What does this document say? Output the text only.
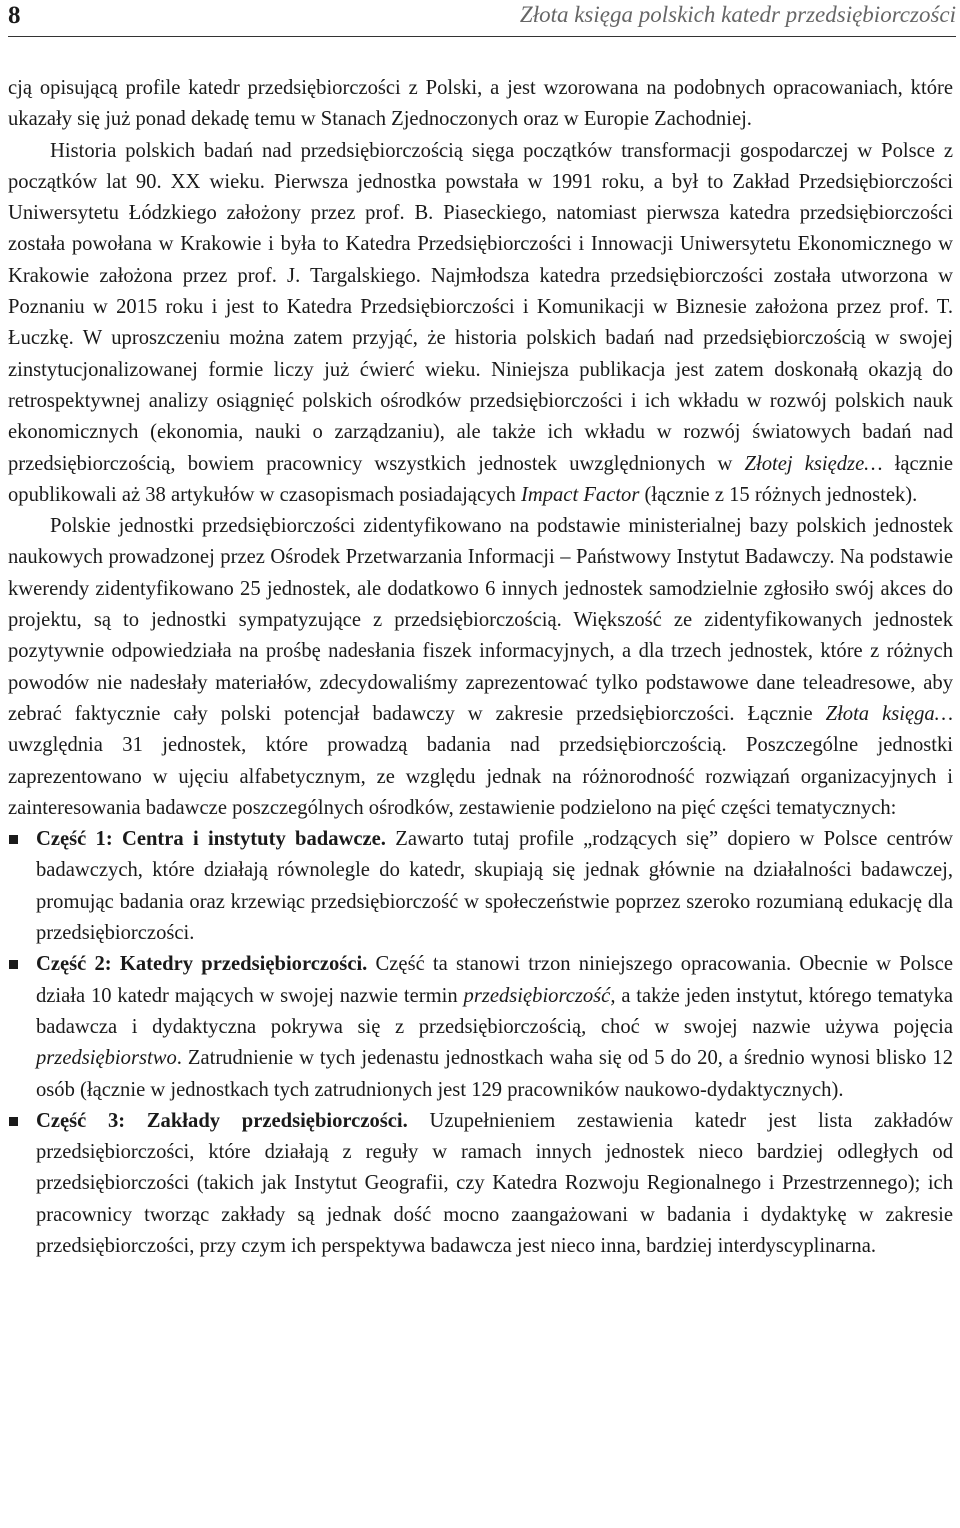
8	Złota księga polskich katedr przedsiębiorczości

cją opisującą profile katedr przedsiębiorczości z Polski, a jest wzorowana na podobnych opracowaniach, które ukazały się już ponad dekadę temu w Stanach Zjednoczonych oraz w Europie Zachodniej.

Historia polskich badań nad przedsiębiorczością sięga początków transformacji gospodarczej w Polsce z początków lat 90. XX wieku. Pierwsza jednostka powstała w 1991 roku, a był to Zakład Przedsiębiorczości Uniwersytetu Łódzkiego założony przez prof. B. Piaseckiego, natomiast pierwsza katedra przedsiębiorczości została powołana w Krakowie i była to Katedra Przedsiębiorczości i Innowacji Uniwersytetu Ekonomicznego w Krakowie założona przez prof. J. Targalskiego. Najmłodsza katedra przedsiębiorczości została utworzona w Poznaniu w 2015 roku i jest to Katedra Przedsiębiorczości i Komunikacji w Biznesie założona przez prof. T. Łuczkę. W uproszczeniu można zatem przyjąć, że historia polskich badań nad przedsiębiorczością w swojej zinstytucjonalizowanej formie liczy już ćwierć wieku. Niniejsza publikacja jest zatem doskonałą okazją do retrospektywnej analizy osiągnięć polskich ośrodków przedsiębiorczości i ich wkładu w rozwój polskich nauk ekonomicznych (ekonomia, nauki o zarządzaniu), ale także ich wkładu w rozwój światowych badań nad przedsiębiorczością, bowiem pracownicy wszystkich jednostek uwzględnionych w Złotej księdze… łącznie opublikowali aż 38 artykułów w czasopismach posiadających Impact Factor (łącznie z 15 różnych jednostek).

Polskie jednostki przedsiębiorczości zidentyfikowano na podstawie ministerialnej bazy polskich jednostek naukowych prowadzonej przez Ośrodek Przetwarzania Informacji – Państwowy Instytut Badawczy. Na podstawie kwerendy zidentyfikowano 25 jednostek, ale dodatkowo 6 innych jednostek samodzielnie zgłosiło swój akces do projektu, są to jednostki sympatyzujące z przedsiębiorczością. Większość ze zidentyfikowanych jednostek pozytywnie odpowiedziała na prośbę nadesłania fiszek informacyjnych, a dla trzech jednostek, które z różnych powodów nie nadesłały materiałów, zdecydowaliśmy zaprezentować tylko podstawowe dane teleadresowe, aby zebrać faktycznie cały polski potencjał badawczy w zakresie przedsiębiorczości. Łącznie Złota księga…uwzględnia 31 jednostek, które prowadzą badania nad przedsiębiorczością. Poszczególne jednostki zaprezentowano w ujęciu alfabetycznym, ze względu jednak na różnorodność rozwiązań organizacyjnych i zainteresowania badawcze poszczególnych ośrodków, zestawienie podzielono na pięć części tematycznych:

Część 1: Centra i instytuty badawcze. Zawarto tutaj profile „rodzących się” dopiero w Polsce centrów badawczych, które działają równolegle do katedr, skupiają się jednak głównie na działalności badawczej, promując badania oraz krzewiąc przedsiębiorczość w społeczeństwie poprzez szeroko rozumianą edukację dla przedsiębiorczości.
Część 2: Katedry przedsiębiorczości. Część ta stanowi trzon niniejszego opracowania. Obecnie w Polsce działa 10 katedr mających w swojej nazwie termin przedsiębiorczość, a także jeden instytut, którego tematyka badawcza i dydaktyczna pokrywa się z przedsiębiorczością, choć w swojej nazwie używa pojęcia przedsiębiorstwo. Zatrudnienie w tych jedenastu jednostkach waha się od 5 do 20, a średnio wynosi blisko 12 osób (łącznie w jednostkach tych zatrudnionych jest 129 pracowników naukowo-dydaktycznych).
Część 3: Zakłady przedsiębiorczości. Uzupełnieniem zestawienia katedr jest lista zakładów przedsiębiorczości, które działają z reguły w ramach innych jednostek nieco bardziej odległych od przedsiębiorczości (takich jak Instytut Geografii, czy Katedra Rozwoju Regionalnego i Przestrzennego); ich pracownicy tworząc zakłady są jednak dość mocno zaangażowani w badania i dydaktykę w zakresie przedsiębiorczości, przy czym ich perspektywa badawcza jest nieco inna, bardziej interdyscyplinarna.
